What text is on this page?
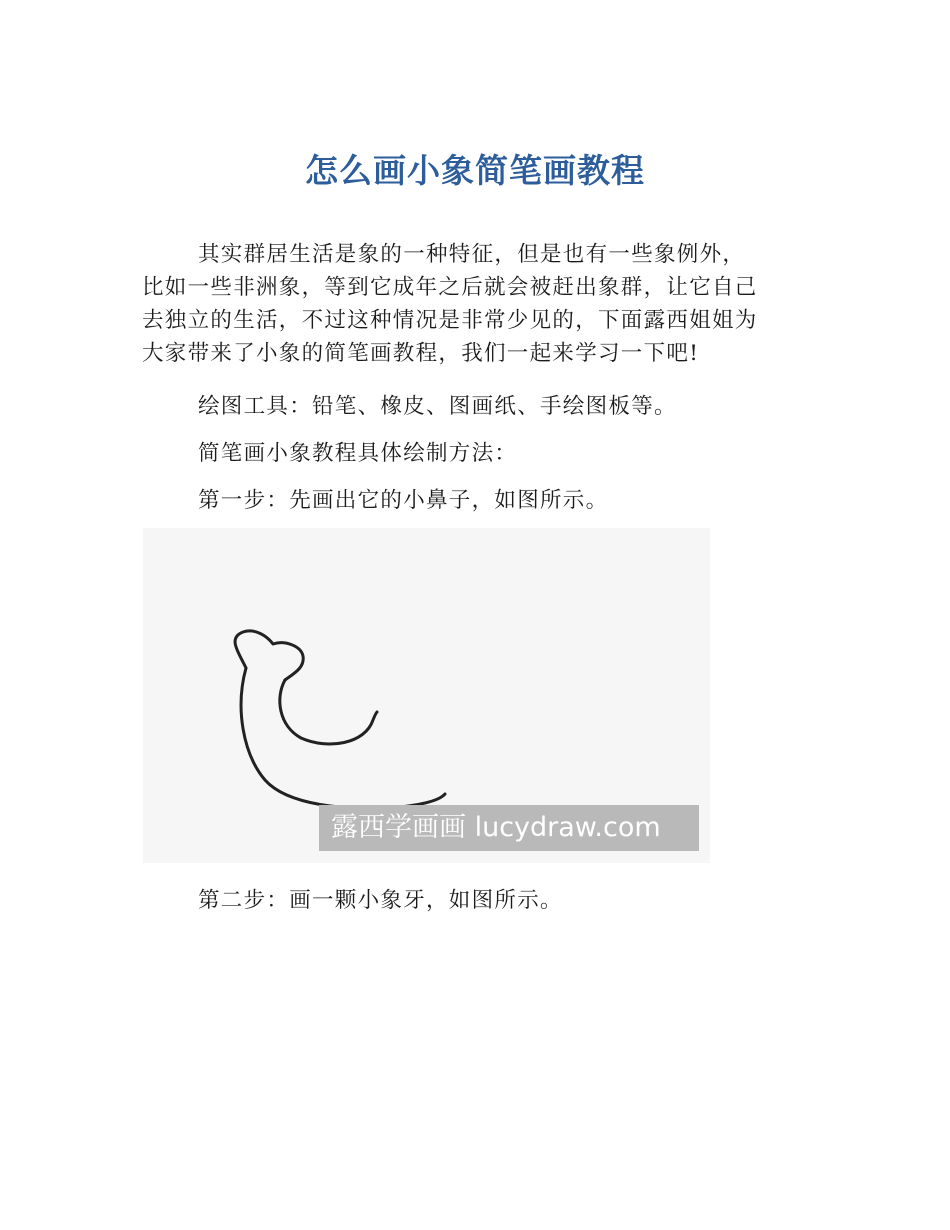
怎么画小象简笔画教程
其实群居生活是象的一种特征，但是也有一些象例外，
比如一些非洲象，等到它成年之后就会被赶出象群，让它自己
去独立的生活，不过这种情况是非常少见的，下面露西姐姐为
大家带来了小象的简笔画教程，我们一起来学习一下吧!

绘图工具：铅笔、橡皮、图画纸、手绘图板等。

简笔画小象教程具体绘制方法：

第一步：先画出它的小鼻子，如图所示。

露西学画画 lucydraw.com

第二步：画一颗小象牙，如图所示。
